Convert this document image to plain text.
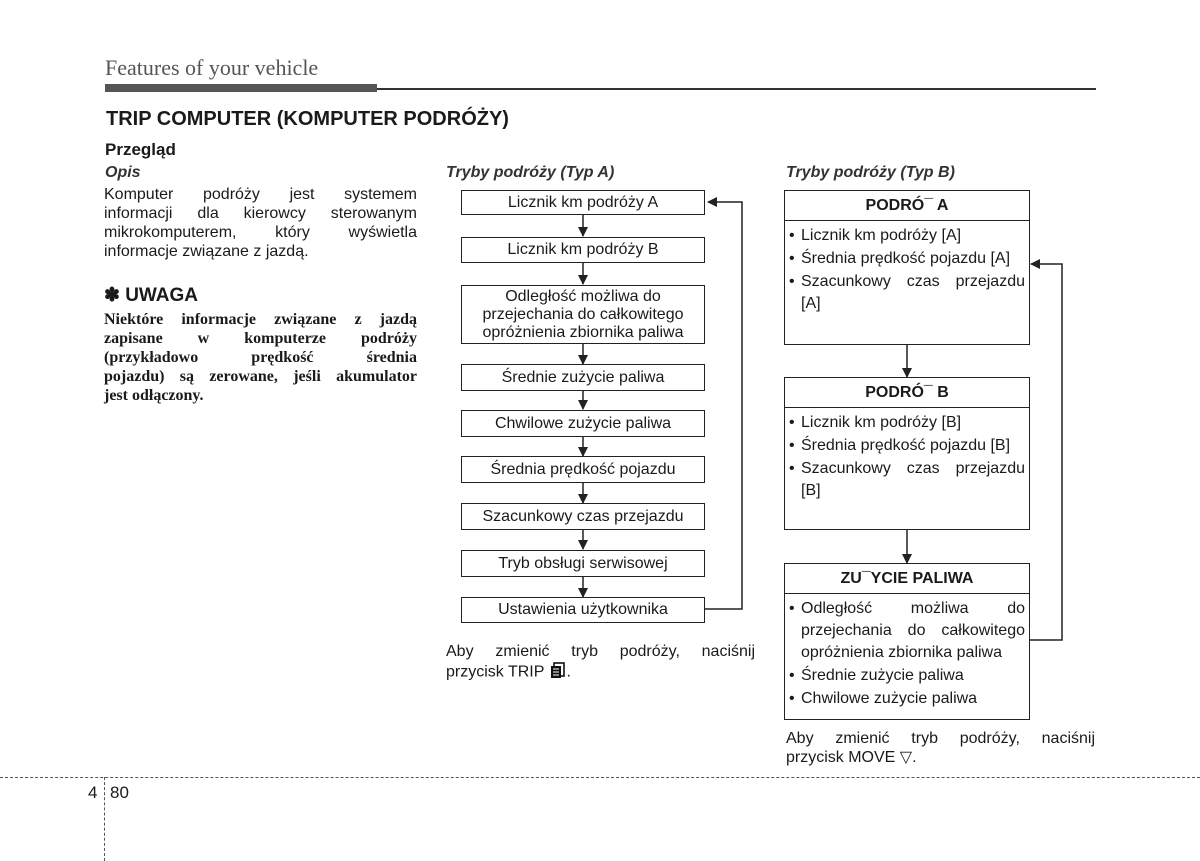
Features of your vehicle
TRIP COMPUTER (KOMPUTER PODRÓŻY)
Przegląd
Opis
Komputer podróży jest systemem
informacji dla kierowcy sterowanym
mikrokomputerem, który wyświetla
informacje związane z jazdą.
✽ UWAGA
Niektóre informacje związane z jazdą
zapisane w komputerze podróży
(przykładowo prędkość średnia
pojazdu) są zerowane, jeśli akumulator
jest odłączony.
Tryby podróży (Typ A)
Licznik km podróży A
Licznik km podróży B
Odległość możliwa do
przejechania do całkowitego
opróżnienia zbiornika paliwa
Średnie zużycie paliwa
Chwilowe zużycie paliwa
Średnia prędkość pojazdu
Szacunkowy czas przejazdu
Tryb obsługi serwisowej
Ustawienia użytkownika
Aby zmienić tryb podróży, naciśnij
przycisk TRIP .
Tryby podróży (Typ B)
PODRÓ¯ A
• Licznik km podróży [A]
• Średnia prędkość pojazdu [A]
• Szacunkowy czas przejazdu [A]
PODRÓ¯ B
• Licznik km podróży [B]
• Średnia prędkość pojazdu [B]
• Szacunkowy czas przejazdu [B]
ZU¯YCIE PALIWA
• Odległość możliwa do przejechania do całkowitego opróżnienia zbiornika paliwa
• Średnie zużycie paliwa
• Chwilowe zużycie paliwa
Aby zmienić tryb podróży, naciśnij
przycisk MOVE ▽.
4 80
